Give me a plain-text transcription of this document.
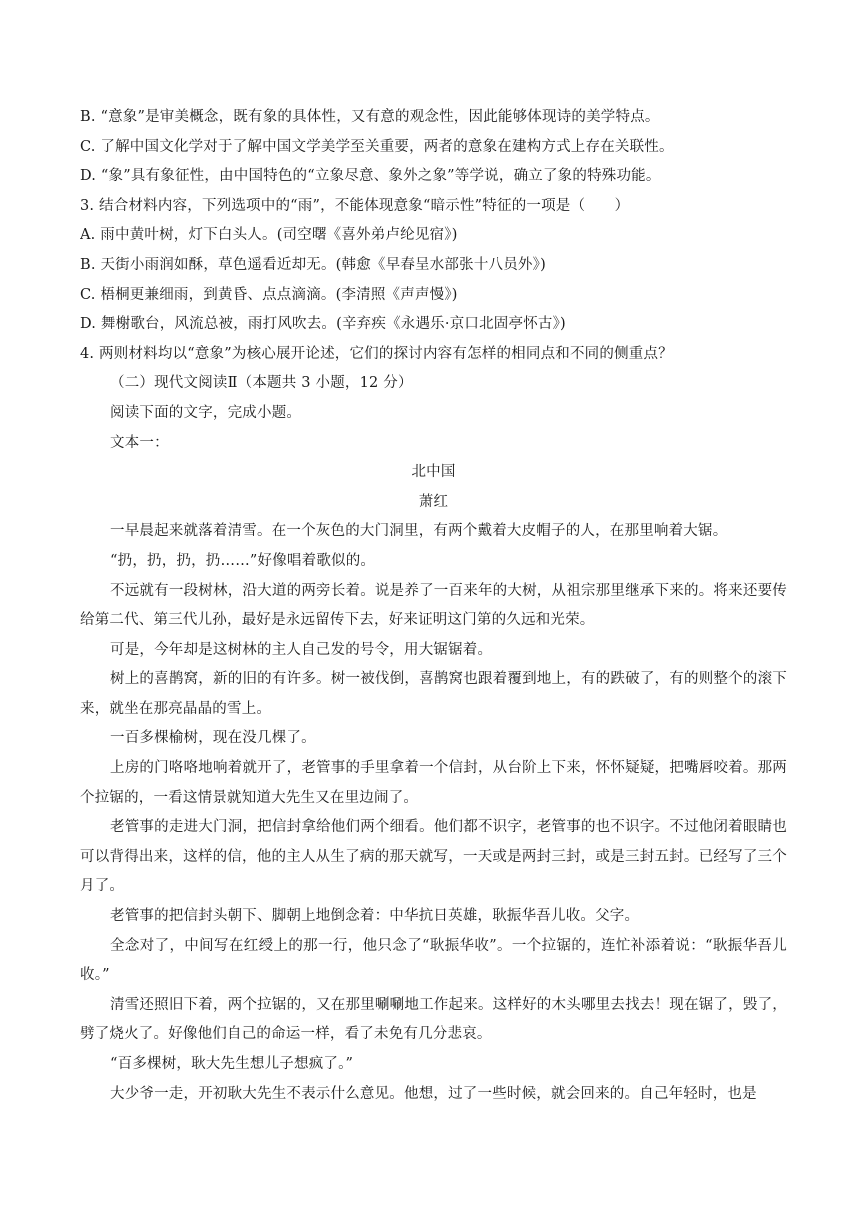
B. “意象”是审美概念，既有象的具体性，又有意的观念性，因此能够体现诗的美学特点。
C. 了解中国文化学对于了解中国文学美学至关重要，两者的意象在建构方式上存在关联性。
D. “象”具有象征性，由中国特色的“立象尽意、象外之象”等学说，确立了象的特殊功能。
3. 结合材料内容，下列选项中的“雨”，不能体现意象“暗示性”特征的一项是（　　）
A. 雨中黄叶树，灯下白头人。(司空曙《喜外弟卢纶见宿》)
B. 天街小雨润如酥，草色遥看近却无。(韩愈《早春呈水部张十八员外》)
C. 梧桐更兼细雨，到黄昏、点点滴滴。(李清照《声声慢》)
D. 舞榭歌台，风流总被，雨打风吹去。(辛弃疾《永遇乐·京口北固亭怀古》)
4. 两则材料均以“意象”为核心展开论述，它们的探讨内容有怎样的相同点和不同的侧重点？
（二）现代文阅读Ⅱ（本题共 3 小题，12 分）
阅读下面的文字，完成小题。
文本一：
北中国
萧红
一早晨起来就落着清雪。在一个灰色的大门洞里，有两个戴着大皮帽子的人，在那里响着大锯。
“扔，扔，扔，扔……”好像唱着歌似的。
不远就有一段树林，沿大道的两旁长着。说是养了一百来年的大树，从祖宗那里继承下来的。将来还要传给第二代、第三代儿孙，最好是永远留传下去，好来证明这门第的久远和光荣。
可是，今年却是这树林的主人自己发的号令，用大锯锯着。
树上的喜鹊窝，新的旧的有许多。树一被伐倒，喜鹊窝也跟着覆到地上，有的跌破了，有的则整个的滚下来，就坐在那亮晶晶的雪上。
一百多棵榆树，现在没几棵了。
上房的门咯咯地响着就开了，老管事的手里拿着一个信封，从台阶上下来，怀怀疑疑，把嘴唇咬着。那两个拉锯的，一看这情景就知道大先生又在里边闹了。
老管事的走进大门洞，把信封拿给他们两个细看。他们都不识字，老管事的也不识字。不过他闭着眼睛也可以背得出来，这样的信，他的主人从生了病的那天就写，一天或是两封三封，或是三封五封。已经写了三个月了。
老管事的把信封头朝下、脚朝上地倒念着：中华抗日英雄，耿振华吾儿收。父字。
全念对了，中间写在红绶上的那一行，他只念了“耿振华收”。一个拉锯的，连忙补添着说：“耿振华吾儿收。”
清雪还照旧下着，两个拉锯的，又在那里唰唰地工作起来。这样好的木头哪里去找去！现在锯了，毁了，劈了烧火了。好像他们自己的命运一样，看了未免有几分悲哀。
“百多棵树，耿大先生想儿子想疯了。”
大少爷一走，开初耿大先生不表示什么意见。他想，过了一些时候，就会回来的。自己年轻时，也是
